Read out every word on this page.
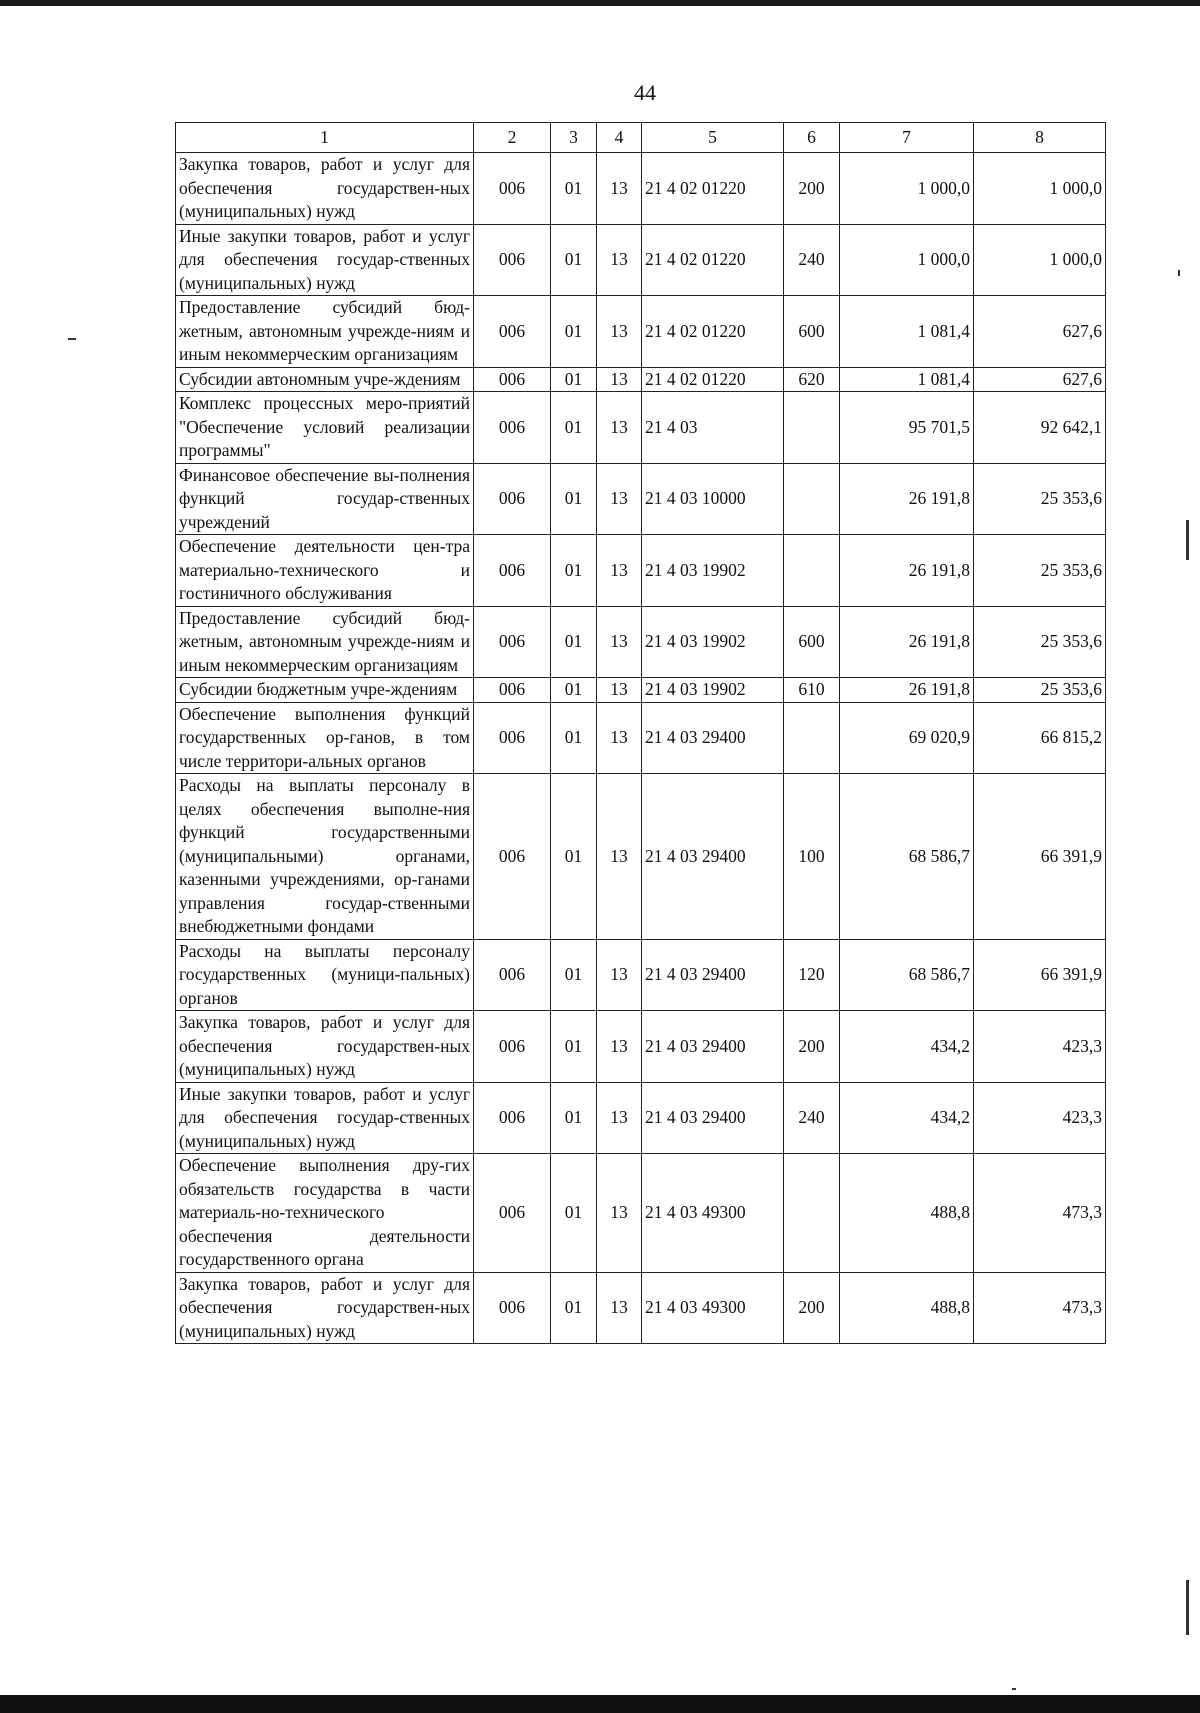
44
1	2	3	4	5	6	7	8
Закупка товаров, работ и услуг для обеспечения государствен-ных (муниципальных) нужд	006	01	13	21 4 02 01220	200	1 000,0	1 000,0
Иные закупки товаров, работ и услуг для обеспечения государ-ственных (муниципальных) нужд	006	01	13	21 4 02 01220	240	1 000,0	1 000,0
Предоставление субсидий бюд-жетным, автономным учрежде-ниям и иным некоммерческим организациям	006	01	13	21 4 02 01220	600	1 081,4	627,6
Субсидии автономным учре-ждениям	006	01	13	21 4 02 01220	620	1 081,4	627,6
Комплекс процессных меро-приятий "Обеспечение условий реализации программы"	006	01	13	21 4 03		95 701,5	92 642,1
Финансовое обеспечение вы-полнения функций государ-ственных учреждений	006	01	13	21 4 03 10000		26 191,8	25 353,6
Обеспечение деятельности цен-тра материально-технического и гостиничного обслуживания	006	01	13	21 4 03 19902		26 191,8	25 353,6
Предоставление субсидий бюд-жетным, автономным учрежде-ниям и иным некоммерческим организациям	006	01	13	21 4 03 19902	600	26 191,8	25 353,6
Субсидии бюджетным учре-ждениям	006	01	13	21 4 03 19902	610	26 191,8	25 353,6
Обеспечение выполнения функций государственных ор-ганов, в том числе территори-альных органов	006	01	13	21 4 03 29400		69 020,9	66 815,2
Расходы на выплаты персоналу в целях обеспечения выполне-ния функций государственными (муниципальными) органами, казенными учреждениями, ор-ганами управления государ-ственными внебюджетными фондами	006	01	13	21 4 03 29400	100	68 586,7	66 391,9
Расходы на выплаты персоналу государственных (муници-пальных) органов	006	01	13	21 4 03 29400	120	68 586,7	66 391,9
Закупка товаров, работ и услуг для обеспечения государствен-ных (муниципальных) нужд	006	01	13	21 4 03 29400	200	434,2	423,3
Иные закупки товаров, работ и услуг для обеспечения государ-ственных (муниципальных) нужд	006	01	13	21 4 03 29400	240	434,2	423,3
Обеспечение выполнения дру-гих обязательств государства в части материаль-но-технического обеспечения деятельности государственного органа	006	01	13	21 4 03 49300		488,8	473,3
Закупка товаров, работ и услуг для обеспечения государствен-ных (муниципальных) нужд	006	01	13	21 4 03 49300	200	488,8	473,3
